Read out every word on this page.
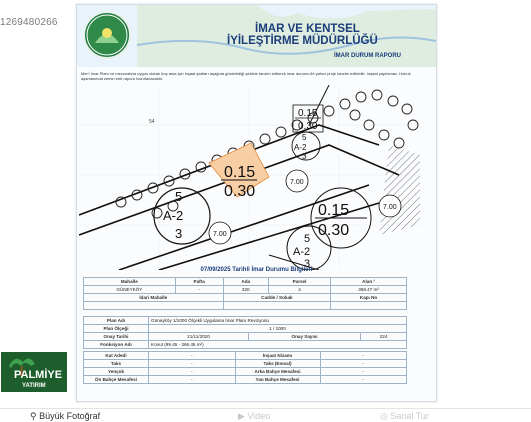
1269480266
İMAR VE KENTSEL
İYİLEŞTİRME MÜDÜRLÜĞÜ
İMAR DURUM RAPORU
Mer'i İmar Planı ve mevzuatına uygun olarak boş arsa için inşaat şartları aşağıda gösterildiği şekilde tanzim edilerek imar durumu ile yalnız proje tanzim edilebilir. İnşaat yapılamaz. Hukuk aşamasında zemin etüt raporu hazırlanacaktır.
54
0.15
0.30
0.15
0.30
0.15
0.30
5
A-2
3
5
A-2
3
5
A-2
3
7.00
7.00
7.00
07/09/2025 Tarihli İmar Durumu Bilgileri
Mahalle	Pafta	Ada	Parsel	Alan ²
GÜNEYKÖY	-	320	4	368.47 m²
İdari Mahalle		Cadde / Sokak		Kapı No

Plan Adı	Güneyköy 1/1000 Ölçekli Uygulama İmar Planı Revizyonu		
Plan Ölçeği	1 / 1000		
Onay Tarihi	21/11/2020	Onay Sayısı	224
Fonksiyon Adı	Konut (99.45 - 366.45 m²)		
Kat Adedi	-	İnşaat Nizamı	-
Taks	-	Taks (Emsal)	-
Yençok	-	Arka Bahçe Mesafesi	-
Ön Bahçe Mesafesi	-	Yan Bahçe Mesafesi	-
PALMİYE
YATIRIM
⚲ Büyük Fotoğraf	▶ Video	◎ Sanal Tur
